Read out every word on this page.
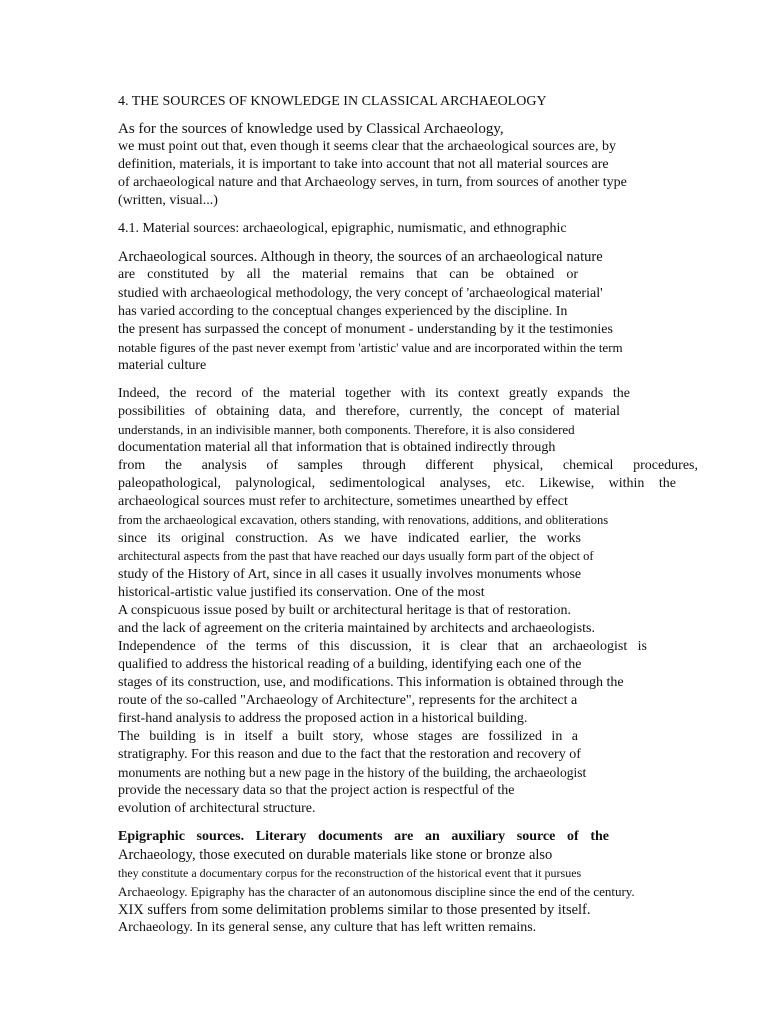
4. THE SOURCES OF KNOWLEDGE IN CLASSICAL ARCHAEOLOGY
As for the sources of knowledge used by Classical Archaeology,
we must point out that, even though it seems clear that the archaeological sources are, by
definition, materials, it is important to take into account that not all material sources are
of archaeological nature and that Archaeology serves, in turn, from sources of another type
(written, visual...)
4.1. Material sources: archaeological, epigraphic, numismatic, and ethnographic
Archaeological sources. Although in theory, the sources of an archaeological nature
are constituted by all the material remains that can be obtained or
studied with archaeological methodology, the very concept of 'archaeological material'
has varied according to the conceptual changes experienced by the discipline. In
the present has surpassed the concept of monument - understanding by it the testimonies
notable figures of the past never exempt from 'artistic' value and are incorporated within the term
material culture
Indeed, the record of the material together with its context greatly expands the
possibilities of obtaining data, and therefore, currently, the concept of material
understands, in an indivisible manner, both components. Therefore, it is also considered
documentation material all that information that is obtained indirectly through
from the analysis of samples through different physical, chemical procedures,
paleopathological, palynological, sedimentological analyses, etc. Likewise, within the
archaeological sources must refer to architecture, sometimes unearthed by effect
from the archaeological excavation, others standing, with renovations, additions, and obliterations
since its original construction. As we have indicated earlier, the works
architectural aspects from the past that have reached our days usually form part of the object of
study of the History of Art, since in all cases it usually involves monuments whose
historical-artistic value justified its conservation. One of the most
A conspicuous issue posed by built or architectural heritage is that of restoration.
and the lack of agreement on the criteria maintained by architects and archaeologists.
Independence of the terms of this discussion, it is clear that an archaeologist is
qualified to address the historical reading of a building, identifying each one of the
stages of its construction, use, and modifications. This information is obtained through the
route of the so-called "Archaeology of Architecture", represents for the architect a
first-hand analysis to address the proposed action in a historical building.
The building is in itself a built story, whose stages are fossilized in a
stratigraphy. For this reason and due to the fact that the restoration and recovery of
monuments are nothing but a new page in the history of the building, the archaeologist
provide the necessary data so that the project action is respectful of the
evolution of architectural structure.
Epigraphic sources. Literary documents are an auxiliary source of the
Archaeology, those executed on durable materials like stone or bronze also
they constitute a documentary corpus for the reconstruction of the historical event that it pursues
Archaeology. Epigraphy has the character of an autonomous discipline since the end of the century.
XIX suffers from some delimitation problems similar to those presented by itself.
Archaeology. In its general sense, any culture that has left written remains.
